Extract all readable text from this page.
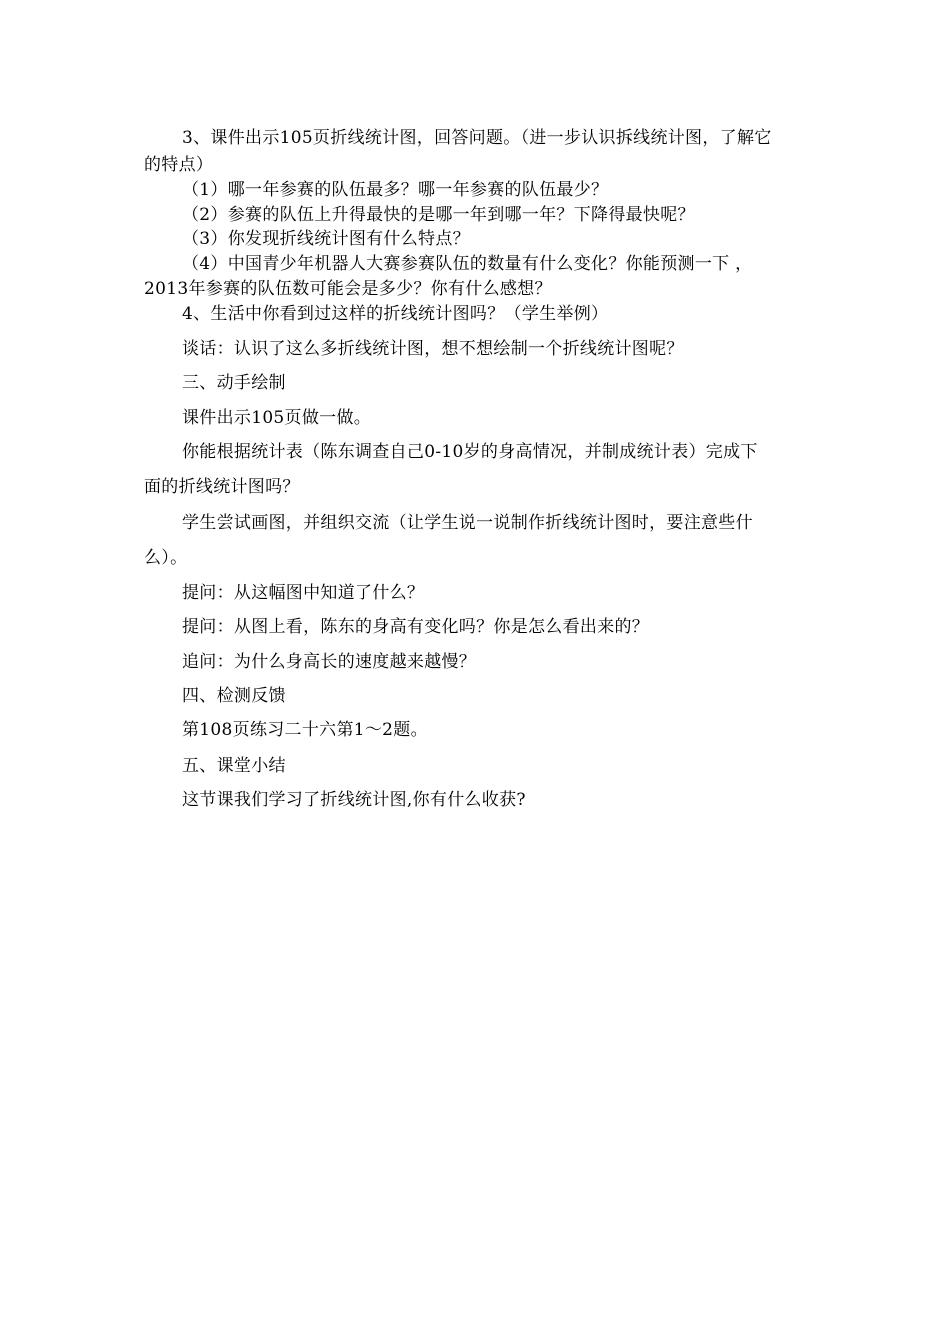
3、课件出示105页折线统计图，回答问题。（进一步认识拆线统计图，了解它
的特点）
（1）哪一年参赛的队伍最多？哪一年参赛的队伍最少？
（2）参赛的队伍上升得最快的是哪一年到哪一年？下降得最快呢？
（3）你发现折线统计图有什么特点？
（4）中国青少年机器人大赛参赛队伍的数量有什么变化？你能预测一下 ，
2013年参赛的队伍数可能会是多少？你有什么感想？
4、生活中你看到过这样的折线统计图吗？（学生举例）
谈话：认识了这么多折线统计图，想不想绘制一个折线统计图呢？
三、动手绘制
课件出示105页做一做。
你能根据统计表（陈东调查自己0-10岁的身高情况，并制成统计表）完成下
面的折线统计图吗？
学生尝试画图，并组织交流（让学生说一说制作折线统计图时，要注意些什
么）。
提问：从这幅图中知道了什么？
提问：从图上看，陈东的身高有变化吗？你是怎么看出来的？
追问：为什么身高长的速度越来越慢？
四、检测反馈
第108页练习二十六第1～2题。
五、课堂小结
这节课我们学习了折线统计图,你有什么收获?
